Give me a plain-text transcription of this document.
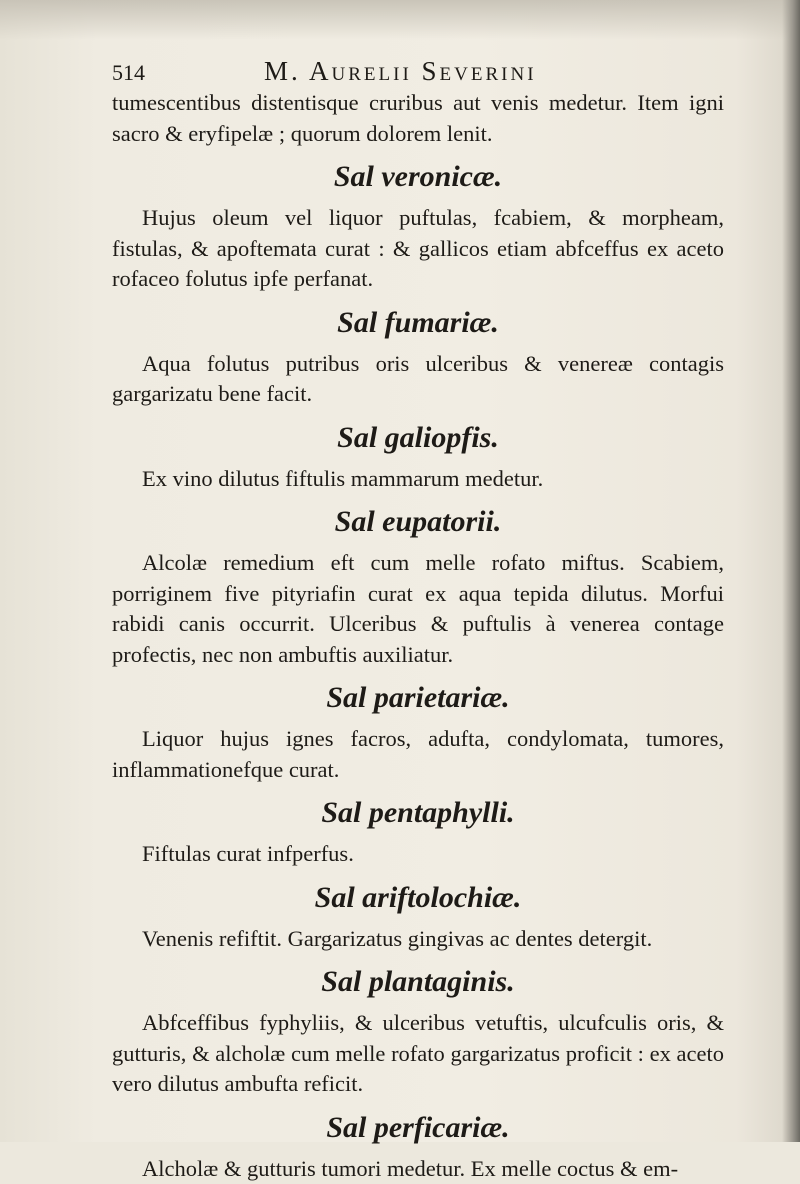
514	M. Aurelii Severini

tumescentibus distentisque cruribus aut venis medetur. Item igni sacro & eryfipelæ ; quorum dolorem lenit.

Sal veronicæ.

Hujus oleum vel liquor puftulas, fcabiem, & morpheam, fistulas, & apoftemata curat : & gallicos etiam abfceffus ex aceto rofaceo folutus ipfe perfanat.

Sal fumariæ.

Aqua folutus putribus oris ulceribus & venereæ contagis gargarizatu bene facit.

Sal galiopfis.

Ex vino dilutus fiftulis mammarum medetur.

Sal eupatorii.

Alcolæ remedium eft cum melle rofato miftus. Scabiem, porriginem five pityriafin curat ex aqua tepida dilutus. Morfui rabidi canis occurrit. Ulceribus & puftulis à venerea contage profectis, nec non ambuftis auxiliatur.

Sal parietariæ.

Liquor hujus ignes facros, adufta, condylomata, tumores, inflammationefque curat.

Sal pentaphylli.

Fiftulas curat infperfus.

Sal ariftolochiæ.

Venenis refiftit. Gargarizatus gingivas ac dentes detergit.

Sal plantaginis.

Abfceffibus fyphyliis, & ulceribus vetuftis, ulcufculis oris, & gutturis, & alcholæ cum melle rofato gargarizatus proficit : ex aceto vero dilutus ambufta reficit.

Sal perficariæ.

Alcholæ & gutturis tumori medetur. Ex melle coctus & em-
